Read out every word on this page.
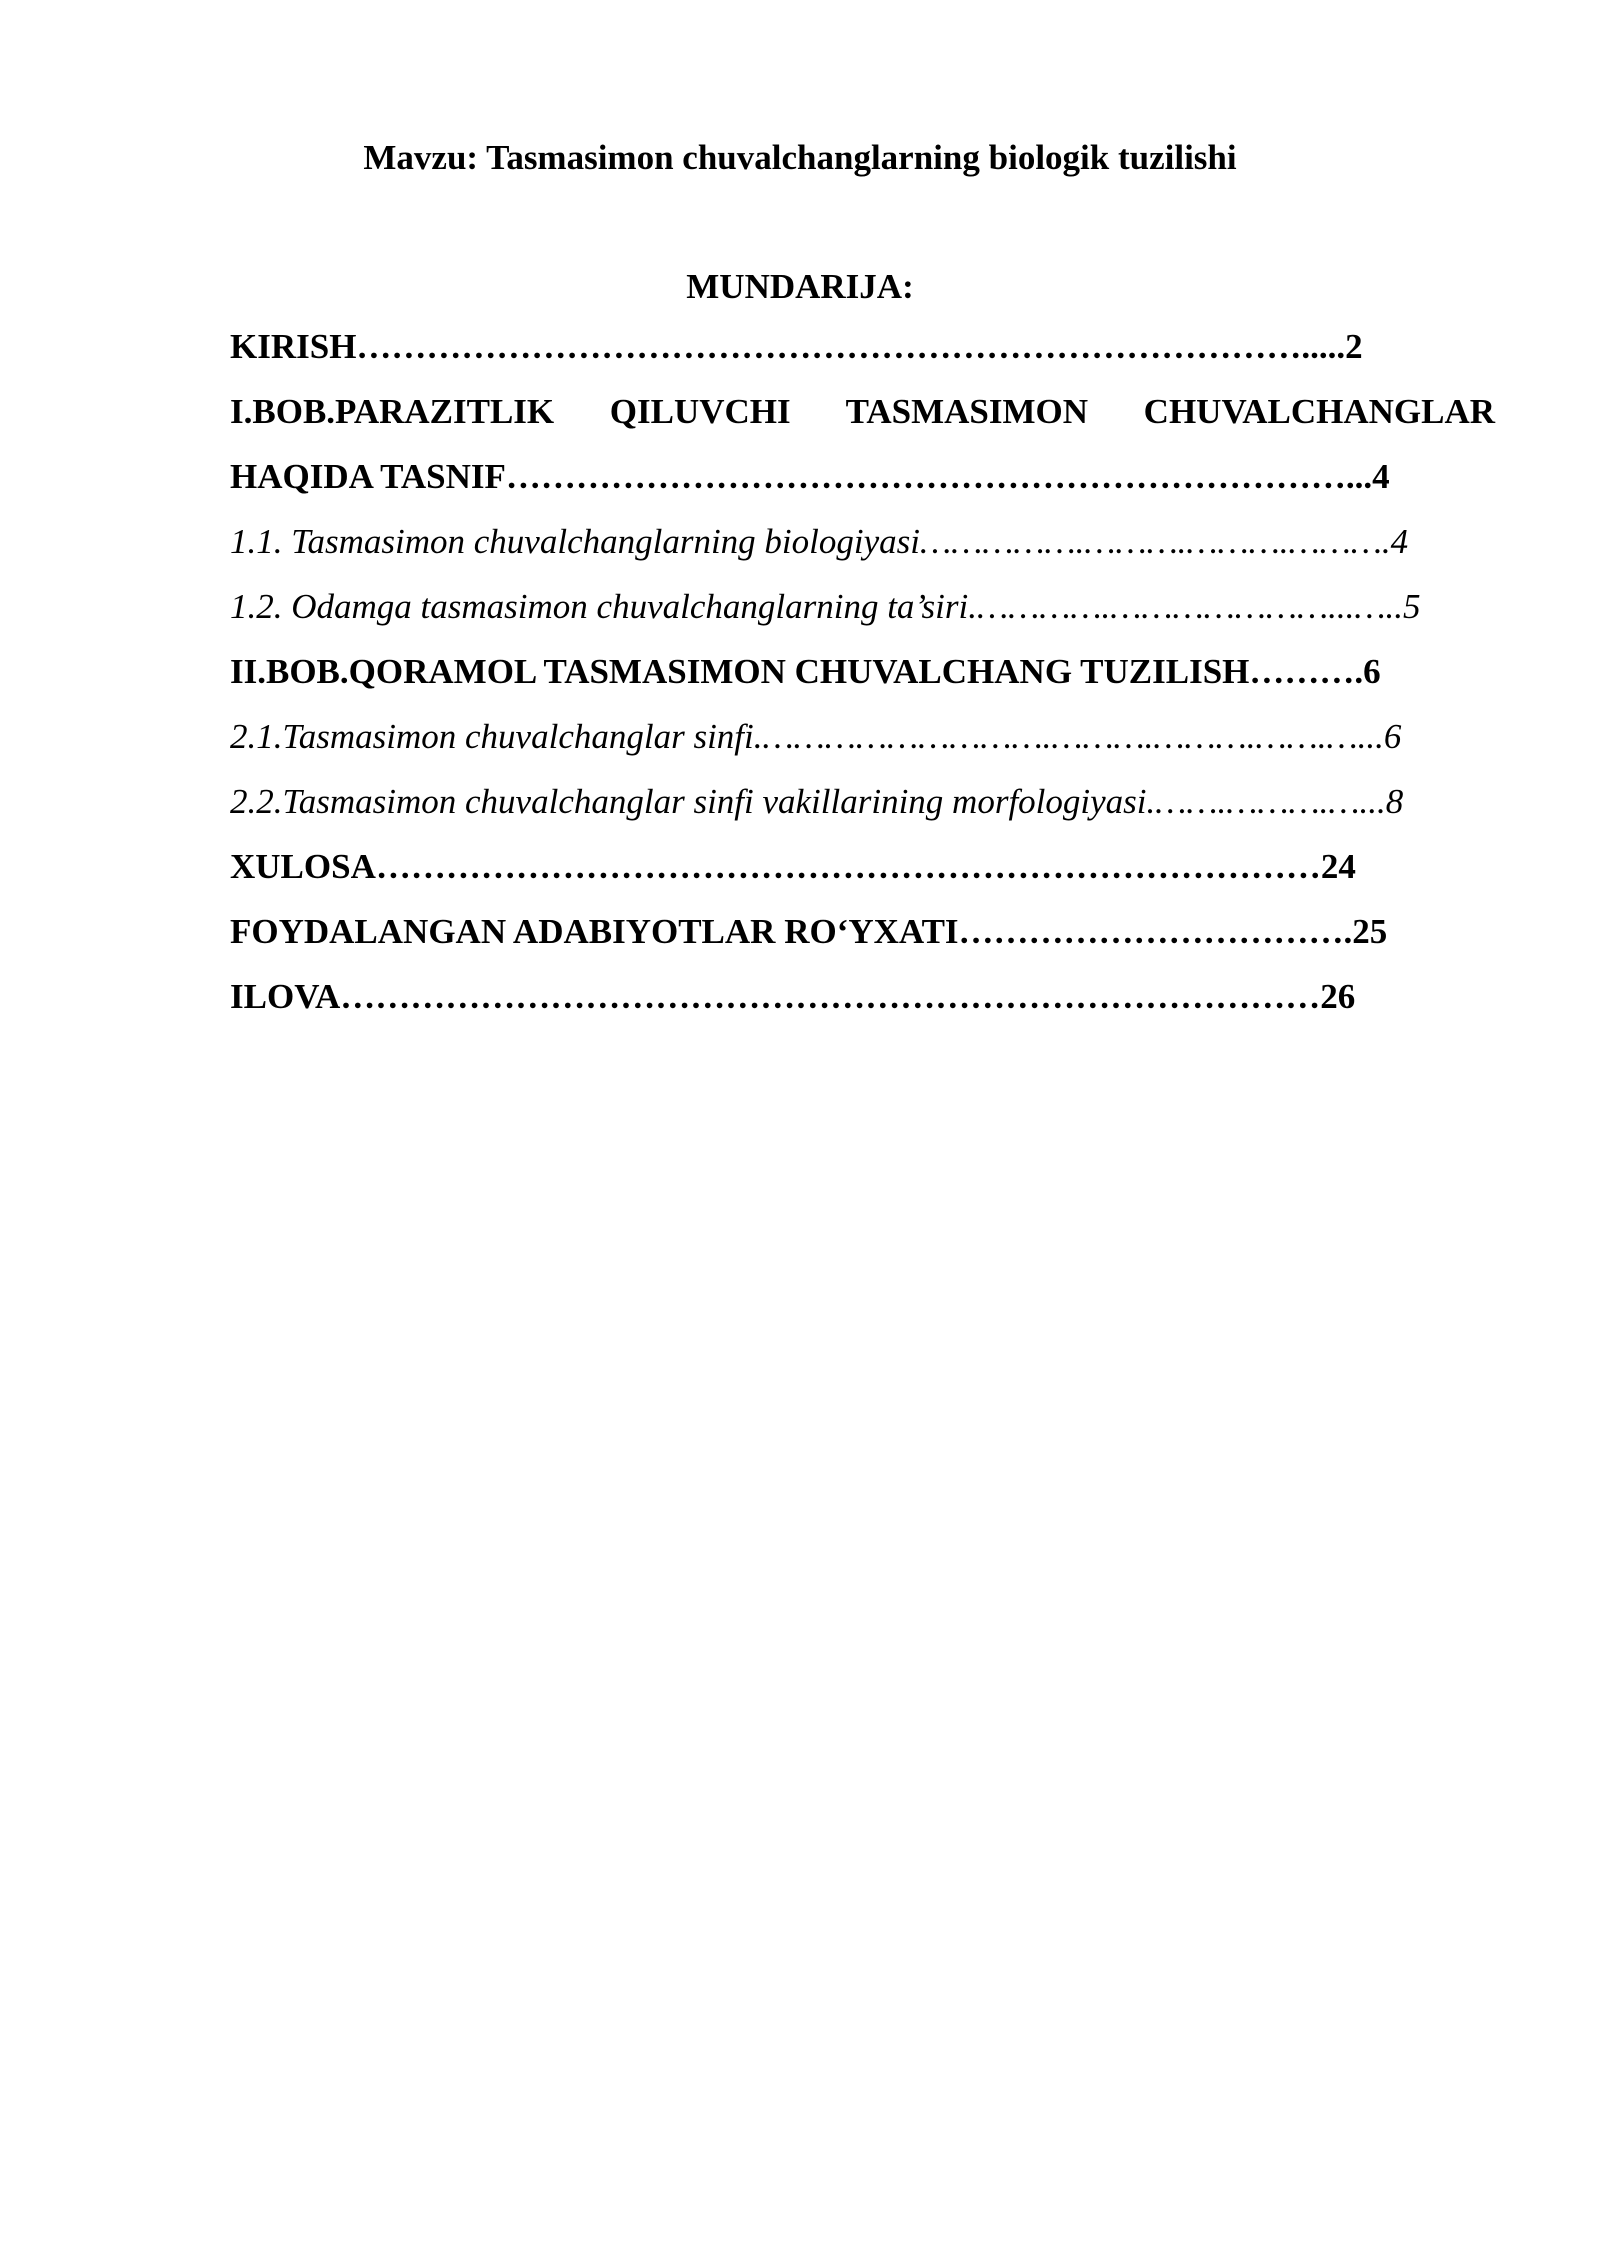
Mavzu: Tasmasimon chuvalchanglarning biologik tuzilishi
MUNDARIJA:
KIRISH……………………………………………………………………….....2
I.BOB.PARAZITLIK QILUVCHI TASMASIMON CHUVALCHANGLAR
HAQIDA TASNIF………………………………………………………………...4
1.1. Tasmasimon chuvalchanglarning biologiyasi…………….……….……….……….4
1.2. Odamga tasmasimon chuvalchanglarning ta’siri.………….…………………...…..5
II.BOB.QORAMOL TASMASIMON CHUVALCHANG TUZILISH……….6
2.1.Tasmasimon chuvalchanglar sinfi.……………………….……….……….…….…...6
2.2.Tasmasimon chuvalchanglar sinfi vakillarining morfologiyasi.…….……….…...8
XULOSA………………………………………………………………………24
FOYDALANGAN ADABIYOTLAR RO‘YXATI…………………………….25
ILOVA…………………………………………………………………………26
